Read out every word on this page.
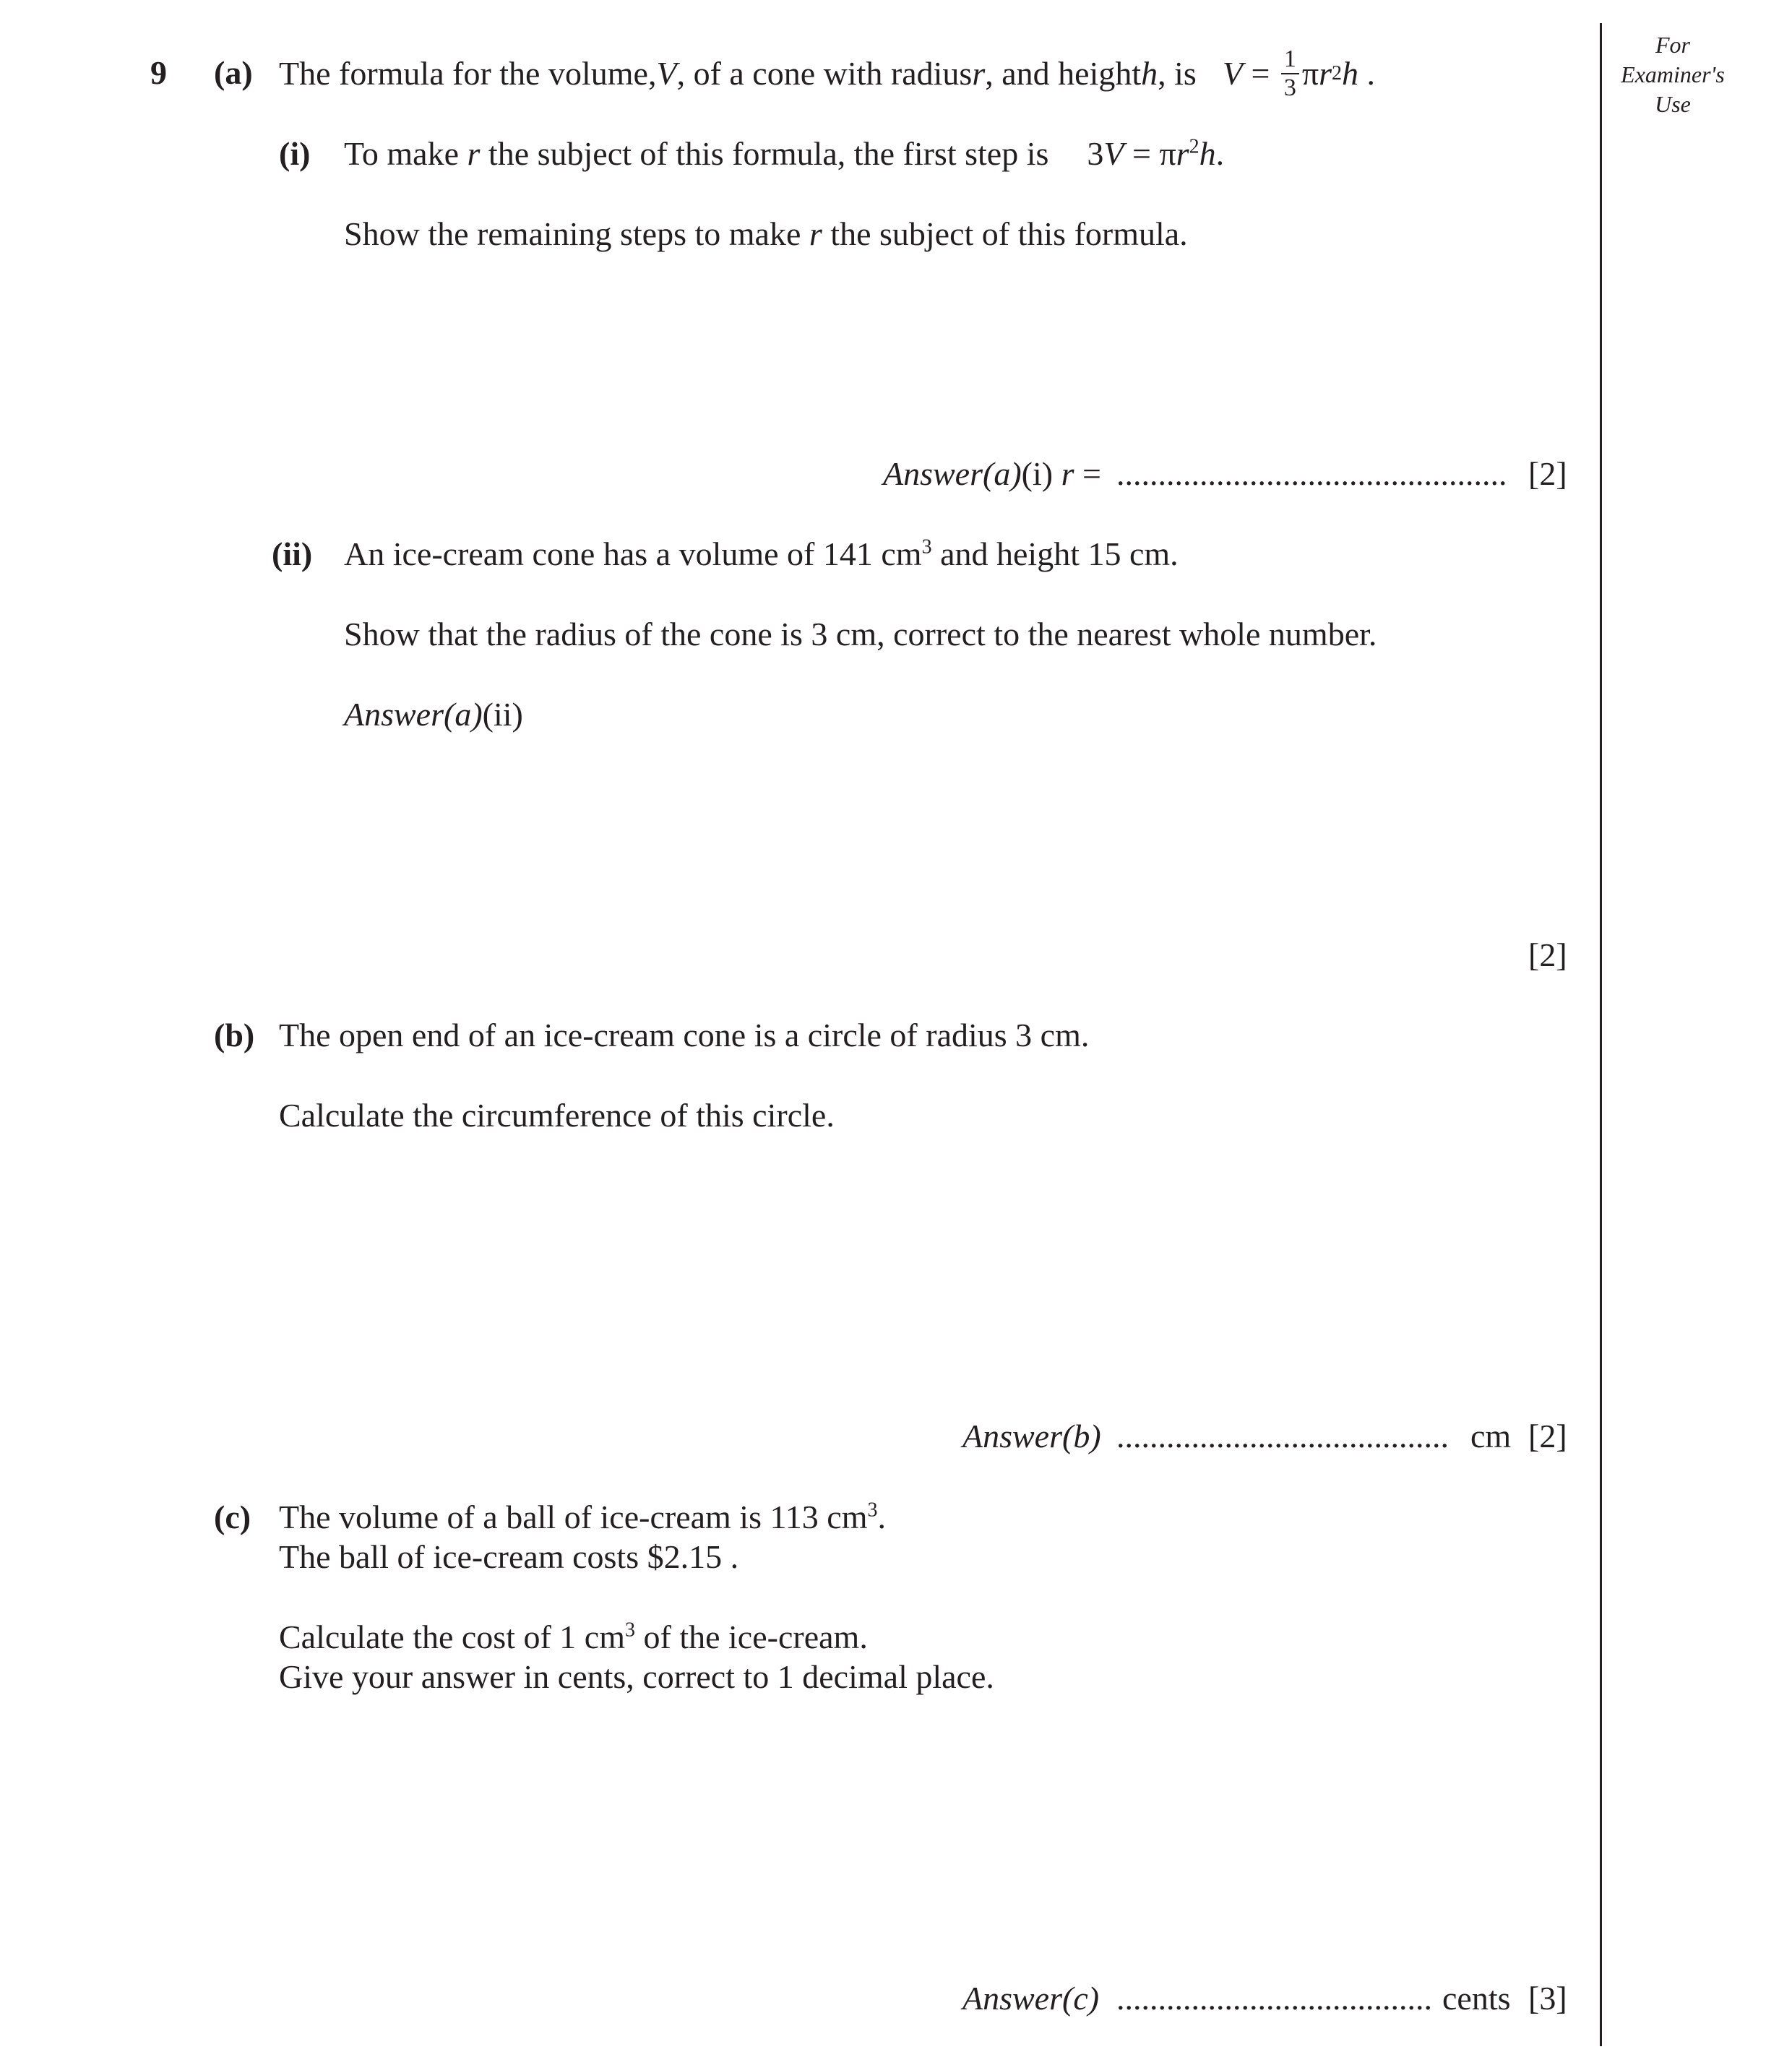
For
Examiner's
Use
9 (a) The formula for the volume, V , of a cone with radius r , and height h , is $V = \frac{1}{3}$ π r 2 h .
(i) To make r the subject of this formula, the first step is $3V = \pi r^2h$.
Show the remaining steps to make r the subject of this formula.
Answer(a)(i) r = ............................................... [2]
(ii) An ice-cream cone has a volume of 141 $cm^3$ and height 15 cm.
Show that the radius of the cone is 3 cm, correct to the nearest whole number.
Answer(a)(ii)
[2]
(b) The open end of an ice-cream cone is a circle of radius 3 cm.
Calculate the circumference of this circle.
Answer(b) ........................................ cm [2]
(c) The volume of a ball of ice-cream is 113 $cm^3$.
The ball of ice-cream costs $2.15 .
Calculate the cost of 1 $cm^3$ of the ice-cream.
Give your answer in cents, correct to 1 decimal place.
Answer(c) ...................................... cents [3]
